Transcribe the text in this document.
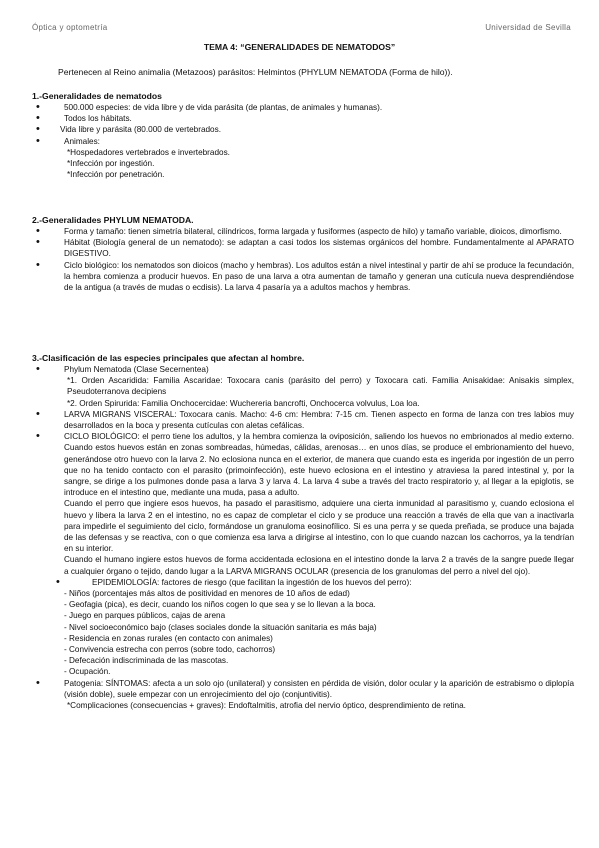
Óptica y optometría	Universidad de Sevilla
TEMA 4: “GENERALIDADES DE NEMATODOS”
Pertenecen al Reino animalia (Metazoos) parásitos: Helmintos (PHYLUM NEMATODA (Forma de hilo)).
1.-Generalidades de nematodos
• 500.000 especies: de vida libre y de vida parásita (de plantas, de animales y humanas).
• Todos los hábitats.
• Vida libre y parásita (80.000 de vertebrados.
• Animales:
*Hospedadores vertebrados e invertebrados.
*Infección por ingestión.
*Infección por penetración.
2.-Generalidades PHYLUM NEMATODA.
• Forma y tamaño: tienen simetría bilateral, cilíndricos, forma largada y fusiformes (aspecto de hilo) y tamaño variable, dioicos, dimorfismo.
• Hábitat (Biología general de un nematodo): se adaptan a casi todos los sistemas orgánicos del hombre. Fundamentalmente al APARATO DIGESTIVO.
• Ciclo biológico: los nematodos son dioicos (macho y hembras). Los adultos están a nivel intestinal y partir de ahí se produce la fecundación, la hembra comienza a producir huevos. En paso de una larva a otra aumentan de tamaño y generan una cutícula nueva desprendiéndose de la antigua (a través de mudas o ecdisis). La larva 4 pasaría ya a adultos machos y hembras.
3.-Clasificación de las especies principales que afectan al hombre.
• Phylum Nematoda (Clase Secernentea)
*1. Orden Ascaridida: Familia Ascaridae: Toxocara canis (parásito del perro) y Toxocara cati. Familia Anisakidae: Anisakis simplex, Pseudoterranova decipiens
*2. Orden Spirurida: Familia Onchocercidae: Wuchereria bancrofti, Onchocerca volvulus, Loa loa.
• LARVA MIGRANS VISCERAL: Toxocara canis. Macho: 4-6 cm: Hembra: 7-15 cm. Tienen aspecto en forma de lanza con tres labios muy desarrollados en la boca y presenta cutículas con aletas cefálicas.
• CICLO BIOLÓGICO: el perro tiene los adultos, y la hembra comienza la oviposición, saliendo los huevos no embrionados al medio externo. Cuando estos huevos están en zonas sombreadas, húmedas, cálidas, arenosas… en unos días, se produce el embrionamiento del huevo, generándose otro huevo con la larva 2. No eclosiona nunca en el exterior, de manera que cuando esta es ingerida por ingestión de un perro que no ha tenido contacto con el parasito (primoinfección), este huevo eclosiona en el intestino y atraviesa la pared intestinal y, por la sangre, se dirige a los pulmones donde pasa a larva 3 y larva 4. La larva 4 sube a través del tracto respiratorio y, al llegar a la epiglotis, se introduce en el intestino que, mediante una muda, pasa a adulto.
Cuando el perro que ingiere esos huevos, ha pasado el parasitismo, adquiere una cierta inmunidad al parasitismo y, cuando eclosiona el huevo y libera la larva 2 en el intestino, no es capaz de completar el ciclo y se produce una reacción a través de ella que van a inactivarla para impedirle el seguimiento del ciclo, formándose un granuloma eosinofílico. Si es una perra y se queda preñada, se produce una bajada de las defensas y se reactiva, con o que comienza esa larva a dirigirse al intestino, con lo que cuando nazcan los cachorros, ya la tendrían en su interior.
Cuando el humano ingiere estos huevos de forma accidentada eclosiona en el intestino donde la larva 2 a través de la sangre puede llegar a cualquier órgano o tejido, dando lugar a la LARVA MIGRANS OCULAR (presencia de los granulomas del perro a nivel del ojo).
• EPIDEMIOLOGÍA: factores de riesgo (que facilitan la ingestión de los huevos del perro):
- Niños (porcentajes más altos de positividad en menores de 10 años de edad)
- Geofagia (pica), es decir, cuando los niños cogen lo que sea y se lo llevan a la boca.
- Juego en parques públicos, cajas de arena
- Nivel socioeconómico bajo (clases sociales donde la situación sanitaria es más baja)
- Residencia en zonas rurales (en contacto con animales)
- Convivencia estrecha con perros (sobre todo, cachorros)
- Defecación indiscriminada de las mascotas.
- Ocupación.
• Patogenia: SÍNTOMAS: afecta a un solo ojo (unilateral) y consisten en pérdida de visión, dolor ocular y la aparición de estrabismo o diplopía (visión doble), suele empezar con un enrojecimiento del ojo (conjuntivitis).
*Complicaciones (consecuencias + graves): Endoftalmitis, atrofia del nervio óptico, desprendimiento de retina.
